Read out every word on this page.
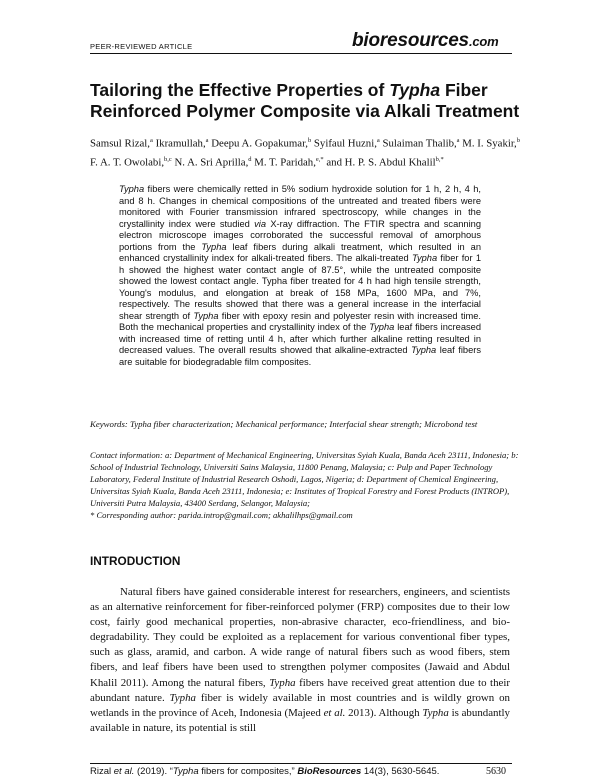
PEER-REVIEWED ARTICLE	bioresources.com
Tailoring the Effective Properties of Typha Fiber
Reinforced Polymer Composite via Alkali Treatment
Samsul Rizal,$^a$ Ikramullah,$^a$ Deepu A. Gopakumar,$^b$ Syifaul Huzni,$^a$ Sulaiman Thalib,$^a$ M. I. Syakir,$^b$ F. A. T. Owolabi,$^{b,c}$ N. A. Sri Aprilla,$^d$ M. T. Paridah,$^{e,*}$ and H. P. S. Abdul Khalil$^{b,*}$
Typha fibers were chemically retted in 5% sodium hydroxide solution for 1 h, 2 h, 4 h, and 8 h. Changes in chemical compositions of the untreated and treated fibers were monitored with Fourier transmission infrared spectroscopy, while changes in the crystallinity index were studied via X-ray diffraction. The FTIR spectra and scanning electron microscope images corroborated the successful removal of amorphous portions from the Typha leaf fibers during alkali treatment, which resulted in an enhanced crystallinity index for alkali-treated fibers. The alkali-treated Typha fiber for 1 h showed the highest water contact angle of 87.5°, while the untreated composite showed the lowest contact angle. Typha fiber treated for 4 h had high tensile strength, Young's modulus, and elongation at break of 158 MPa, 1600 MPa, and 7%, respectively. The results showed that there was a general increase in the interfacial shear strength of Typha fiber with epoxy resin and polyester resin with increased time. Both the mechanical properties and crystallinity index of the Typha leaf fibers increased with increased time of retting until 4 h, after which further alkaline retting resulted in decreased values. The overall results showed that alkaline-extracted Typha leaf fibers are suitable for biodegradable film composites.
Keywords: Typha fiber characterization; Mechanical performance; Interfacial shear strength; Microbond test
Contact information: a: Department of Mechanical Engineering, Universitas Syiah Kuala, Banda Aceh 23111, Indonesia; b: School of Industrial Technology, Universiti Sains Malaysia, 11800 Penang, Malaysia; c: Pulp and Paper Technology Laboratory, Federal Institute of Industrial Research Oshodi, Lagos, Nigeria; d: Department of Chemical Engineering, Universitas Syiah Kuala, Banda Aceh 23111, Indonesia; e: Institutes of Tropical Forestry and Forest Products (INTROP), Universiti Putra Malaysia, 43400 Serdang, Selangor, Malaysia;
* Corresponding author: parida.introp@gmail.com; akhalilhps@gmail.com
INTRODUCTION

Natural fibers have gained considerable interest for researchers, engineers, and scientists as an alternative reinforcement for fiber-reinforced polymer (FRP) composites due to their low cost, fairly good mechanical properties, non-abrasive character, eco-friendliness, and bio-degradability. They could be exploited as a replacement for various conventional fiber types, such as glass, aramid, and carbon. A wide range of natural fibers such as wood fibers, stem fibers, and leaf fibers have been used to strengthen polymer composites (Jawaid and Abdul Khalil 2011). Among the natural fibers, Typha fibers have received great attention due to their abundant nature. Typha fiber is widely available in most countries and is wildly grown on wetlands in the province of Aceh, Indonesia (Majeed et al. 2013). Although Typha is abundantly available in nature, its potential is still

Rizal et al. (2019). “Typha fibers for composites,” BioResources 14(3), 5630-5645.	5630
